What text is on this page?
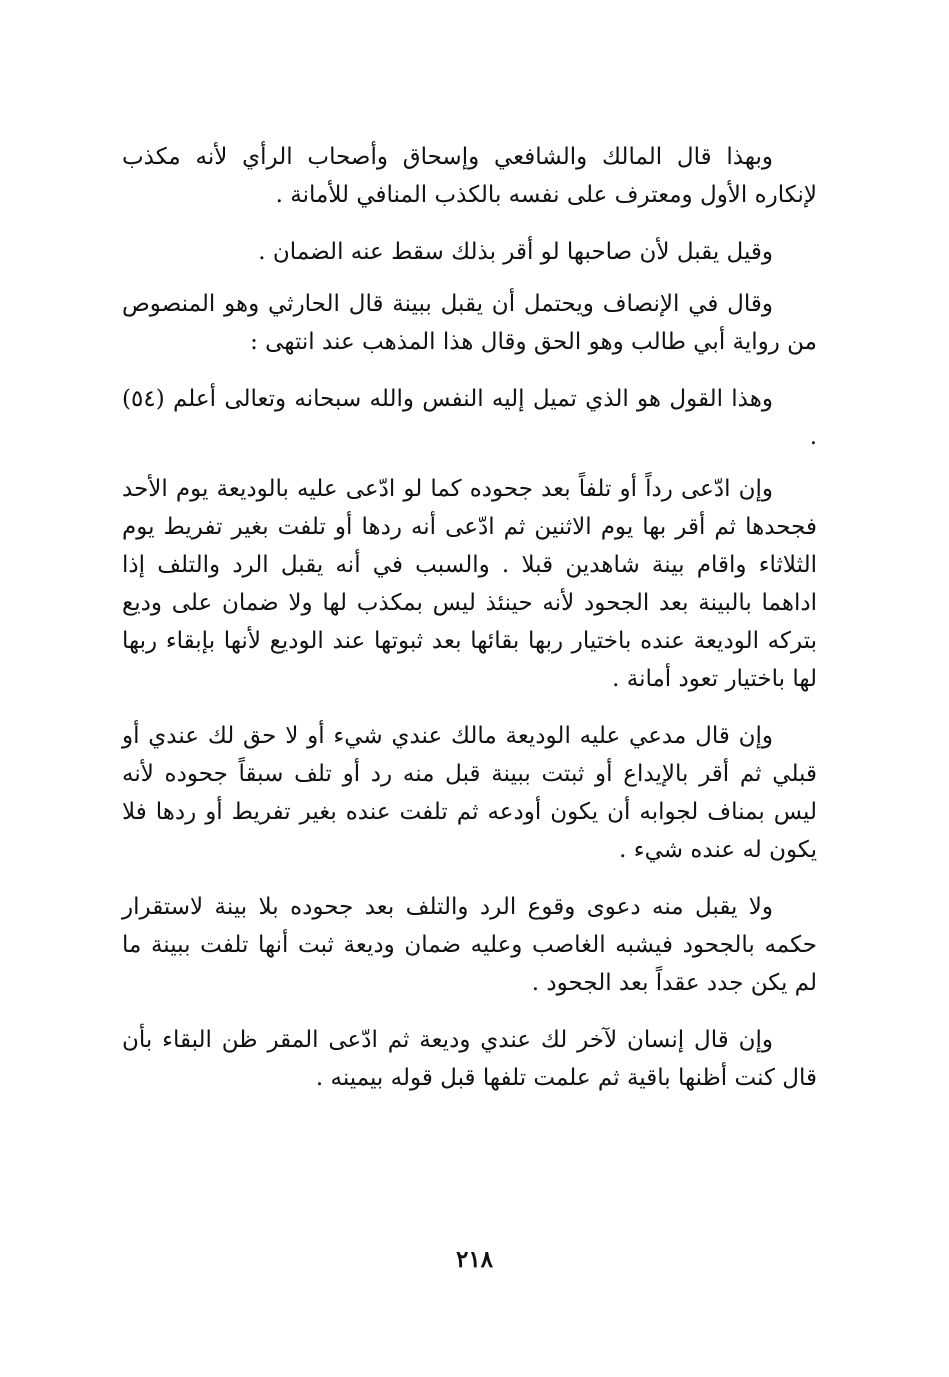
وبهذا قال المالك والشافعي وإسحاق وأصحاب الرأي لأنه مكذب لإنكاره الأول ومعترف على نفسه بالكذب المنافي للأمانة .

وقيل يقبل لأن صاحبها لو أقر بذلك سقط عنه الضمان .

وقال في الإنصاف ويحتمل أن يقبل ببينة قال الحارثي وهو المنصوص من رواية أبي طالب وهو الحق وقال هذا المذهب عند انتهى :

وهذا القول هو الذي تميل إليه النفس والله سبحانه وتعالى أعلم (٥٤) .

وإن ادّعى رداً أو تلفاً بعد جحوده كما لو ادّعى عليه بالوديعة يوم الأحد فجحدها ثم أقر بها يوم الاثنين ثم ادّعى أنه ردها أو تلفت بغير تفريط يوم الثلاثاء واقام بينة شاهدين قبلا . والسبب في أنه يقبل الرد والتلف إذا اداهما بالبينة بعد الجحود لأنه حينئذ ليس بمكذب لها ولا ضمان على وديع بتركه الوديعة عنده باختيار ربها بقائها بعد ثبوتها عند الوديع لأنها بإبقاء ربها لها باختيار تعود أمانة .

وإن قال مدعي عليه الوديعة مالك عندي شيء أو لا حق لك عندي أو قبلي ثم أقر بالإيداع أو ثبتت ببينة قبل منه رد أو تلف سبقاً جحوده لأنه ليس بمناف لجوابه أن يكون أودعه ثم تلفت عنده بغير تفريط أو ردها فلا يكون له عنده شيء .

ولا يقبل منه دعوى وقوع الرد والتلف بعد جحوده بلا بينة لاستقرار حكمه بالجحود فيشبه الغاصب وعليه ضمان وديعة ثبت أنها تلفت ببينة ما لم يكن جدد عقداً بعد الجحود .

وإن قال إنسان لآخر لك عندي وديعة ثم ادّعى المقر ظن البقاء بأن قال كنت أظنها باقية ثم علمت تلفها قبل قوله بيمينه .

٢١٨
